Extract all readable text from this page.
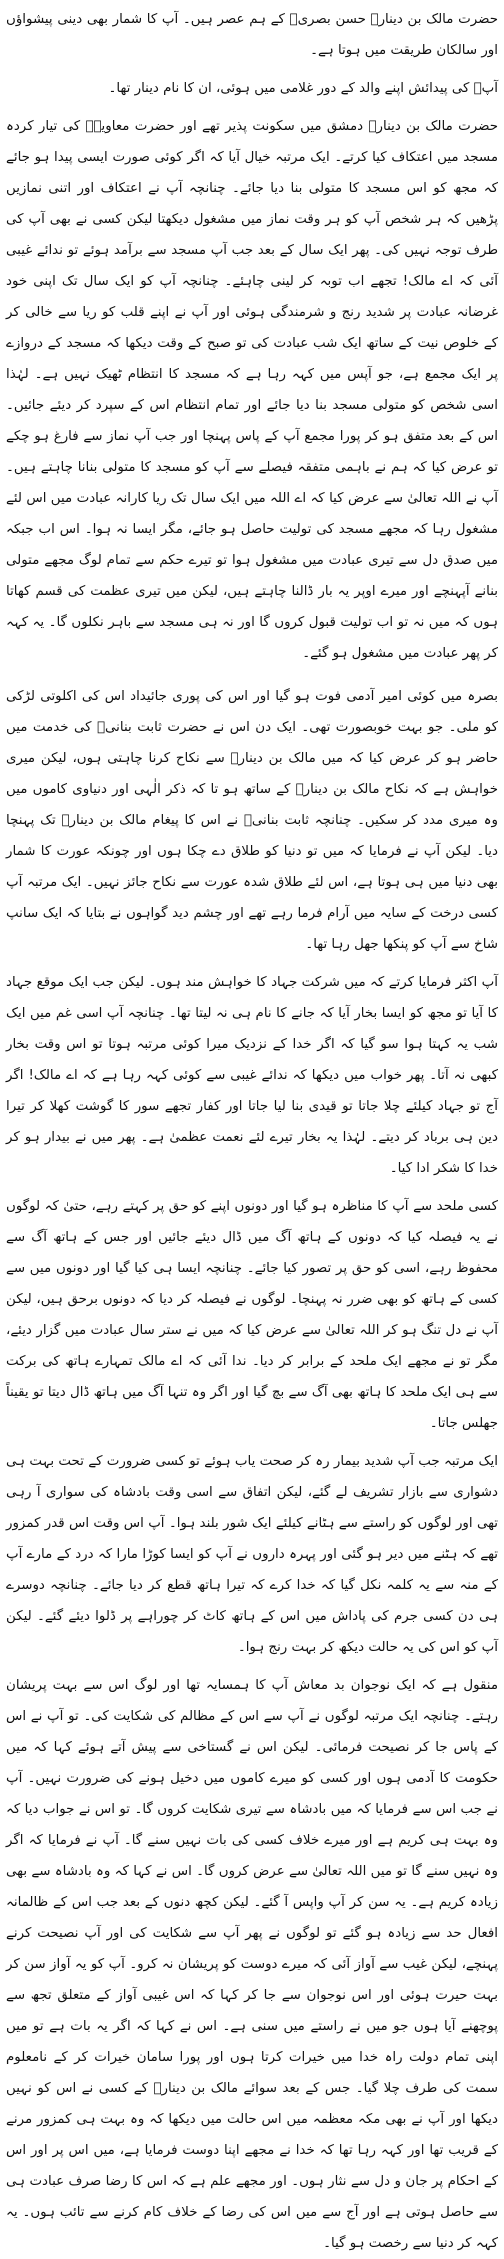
حضرت مالک بن دینارؒ حسن بصریؒ کے ہم عصر ہیں۔ آپ کا شمار بھی دینی پیشواؤں اور سالکان طریقت میں ہوتا ہے۔

آپؒ کی پیدائش اپنے والد کے دور غلامی میں ہوئی، ان کا نام دینار تھا۔

حضرت مالک بن دینارؒ دمشق میں سکونت پذیر تھے اور حضرت معاویہؓ کی تیار کردہ مسجد میں اعتکاف کیا کرتے۔ ایک مرتبہ خیال آیا کہ اگر کوئی صورت ایسی پیدا ہو جائے کہ مجھ کو اس مسجد کا متولی بنا دیا جائے۔ چنانچہ آپ نے اعتکاف اور اتنی نمازیں پڑھیں کہ ہر شخص آپ کو ہر وقت نماز میں مشغول دیکھتا لیکن کسی نے بھی آپ کی طرف توجہ نہیں کی۔ پھر ایک سال کے بعد جب آپ مسجد سے برآمد ہوئے تو ندائے غیبی آئی کہ اے مالک! تجھے اب توبہ کر لینی چاہئے۔ چنانچہ آپ کو ایک سال تک اپنی خود غرضانہ عبادت پر شدید رنج و شرمندگی ہوئی اور آپ نے اپنے قلب کو ریا سے خالی کر کے خلوص نیت کے ساتھ ایک شب عبادت کی تو صبح کے وقت دیکھا کہ مسجد کے دروازے پر ایک مجمع ہے، جو آپس میں کہہ رہا ہے کہ مسجد کا انتظام ٹھیک نہیں ہے۔ لہٰذا اسی شخص کو متولی مسجد بنا دیا جائے اور تمام انتظام اس کے سپرد کر دیئے جائیں۔ اس کے بعد متفق ہو کر پورا مجمع آپ کے پاس پہنچا اور جب آپ نماز سے فارغ ہو چکے تو عرض کیا کہ ہم نے باہمی متفقہ فیصلے سے آپ کو مسجد کا متولی بنانا چاہتے ہیں۔ آپ نے اللہ تعالیٰ سے عرض کیا کہ اے اللہ میں ایک سال تک ریا کارانہ عبادت میں اس لئے مشغول رہا کہ مجھے مسجد کی تولیت حاصل ہو جائے، مگر ایسا نہ ہوا۔ اس اب جبکہ میں صدق دل سے تیری عبادت میں مشغول ہوا تو تیرے حکم سے تمام لوگ مجھے متولی بنانے آپہنچے اور میرے اوپر یہ بار ڈالنا چاہتے ہیں، لیکن میں تیری عظمت کی قسم کھاتا ہوں کہ میں نہ تو اب تولیت قبول کروں گا اور نہ ہی مسجد سے باہر نکلوں گا۔ یہ کہہ کر پھر عبادت میں مشغول ہو گئے۔

بصرہ میں کوئی امیر آدمی فوت ہو گیا اور اس کی پوری جائیداد اس کی اکلوتی لڑکی کو ملی۔ جو بہت خوبصورت تھی۔ ایک دن اس نے حضرت ثابت بنانیؒ کی خدمت میں حاضر ہو کر عرض کیا کہ میں مالک بن دینارؒ سے نکاح کرنا چاہتی ہوں، لیکن میری خواہش ہے کہ نکاح مالک بن دینارؒ کے ساتھ ہو تا کہ ذکر الٰہی اور دنیاوی کاموں میں وہ میری مدد کر سکیں۔ چنانچہ ثابت بنانیؒ نے اس کا پیغام مالک بن دینارؒ تک پہنچا دیا۔ لیکن آپ نے فرمایا کہ میں تو دنیا کو طلاق دے چکا ہوں اور چونکہ عورت کا شمار بھی دنیا میں ہی ہوتا ہے، اس لئے طلاق شدہ عورت سے نکاح جائز نہیں۔ ایک مرتبہ آپ کسی درخت کے سایہ میں آرام فرما رہے تھے اور چشم دید گواہوں نے بتایا کہ ایک سانپ شاخ سے آپ کو پنکھا جھل رہا تھا۔

آپ اکثر فرمایا کرتے کہ میں شرکت جہاد کا خواہش مند ہوں۔ لیکن جب ایک موقع جہاد کا آیا تو مجھ کو ایسا بخار آیا کہ جانے کا نام ہی نہ لیتا تھا۔ چنانچہ آپ اسی غم میں ایک شب یہ کہتا ہوا سو گیا کہ اگر خدا کے نزدیک میرا کوئی مرتبہ ہوتا تو اس وقت بخار کبھی نہ آتا۔ پھر خواب میں دیکھا کہ ندائے غیبی سے کوئی کہہ رہا ہے کہ اے مالک! اگر آج تو جہاد کیلئے چلا جاتا تو قیدی بنا لیا جاتا اور کفار تجھے سور کا گوشت کھلا کر تیرا دین ہی برباد کر دیتے۔ لہٰذا یہ بخار تیرے لئے نعمت عظمیٰ ہے۔ پھر میں نے بیدار ہو کر خدا کا شکر ادا کیا۔

کسی ملحد سے آپ کا مناظرہ ہو گیا اور دونوں اپنے کو حق پر کہتے رہے، حتیٰ کہ لوگوں نے یہ فیصلہ کیا کہ دونوں کے ہاتھ آگ میں ڈال دیئے جائیں اور جس کے ہاتھ آگ سے محفوظ رہے، اسی کو حق پر تصور کیا جائے۔ چنانچہ ایسا ہی کیا گیا اور دونوں میں سے کسی کے ہاتھ کو بھی ضرر نہ پہنچا۔ لوگوں نے فیصلہ کر دیا کہ دونوں برحق ہیں، لیکن آپ نے دل تنگ ہو کر اللہ تعالیٰ سے عرض کیا کہ میں نے ستر سال عبادت میں گزار دیئے، مگر تو نے مجھے ایک ملحد کے برابر کر دیا۔ ندا آئی کہ اے مالک تمہارے ہاتھ کی برکت سے ہی ایک ملحد کا ہاتھ بھی آگ سے بچ گیا اور اگر وہ تنہا آگ میں ہاتھ ڈال دیتا تو یقیناً جھلس جاتا۔

ایک مرتبہ جب آپ شدید بیمار رہ کر صحت یاب ہوئے تو کسی ضرورت کے تحت بہت ہی دشواری سے بازار تشریف لے گئے، لیکن اتفاق سے اسی وقت بادشاہ کی سواری آ رہی تھی اور لوگوں کو راستے سے ہٹانے کیلئے ایک شور بلند ہوا۔ آپ اس وقت اس قدر کمزور تھے کہ ہٹنے میں دیر ہو گئی اور پہرہ داروں نے آپ کو ایسا کوڑا مارا کہ درد کے مارے آپ کے منہ سے یہ کلمہ نکل گیا کہ خدا کرے کہ تیرا ہاتھ قطع کر دیا جائے۔ چنانچہ دوسرے ہی دن کسی جرم کی پاداش میں اس کے ہاتھ کاٹ کر چوراہے پر ڈلوا دیئے گئے۔ لیکن آپ کو اس کی یہ حالت دیکھ کر بہت رنج ہوا۔

منقول ہے کہ ایک نوجوان بد معاش آپ کا ہمسایہ تھا اور لوگ اس سے بہت پریشان رہتے۔ چنانچہ ایک مرتبہ لوگوں نے آپ سے اس کے مظالم کی شکایت کی۔ تو آپ نے اس کے پاس جا کر نصیحت فرمائی۔ لیکن اس نے گستاخی سے پیش آتے ہوئے کہا کہ میں حکومت کا آدمی ہوں اور کسی کو میرے کاموں میں دخیل ہونے کی ضرورت نہیں۔ آپ نے جب اس سے فرمایا کہ میں بادشاہ سے تیری شکایت کروں گا۔ تو اس نے جواب دیا کہ وہ بہت ہی کریم ہے اور میرے خلاف کسی کی بات نہیں سنے گا۔ آپ نے فرمایا کہ اگر وہ نہیں سنے گا تو میں اللہ تعالیٰ سے عرض کروں گا۔ اس نے کہا کہ وہ بادشاہ سے بھی زیادہ کریم ہے۔ یہ سن کر آپ واپس آ گئے۔ لیکن کچھ دنوں کے بعد جب اس کے ظالمانہ افعال حد سے زیادہ ہو گئے تو لوگوں نے پھر آپ سے شکایت کی اور آپ نصیحت کرنے پہنچے، لیکن غیب سے آواز آئی کہ میرے دوست کو پریشان نہ کرو۔ آپ کو یہ آواز سن کر بہت حیرت ہوئی اور اس نوجوان سے جا کر کہا کہ اس غیبی آواز کے متعلق تجھ سے پوچھنے آیا ہوں جو میں نے راستے میں سنی ہے۔ اس نے کہا کہ اگر یہ بات ہے تو میں اپنی تمام دولت راہ خدا میں خیرات کرتا ہوں اور پورا سامان خیرات کر کے نامعلوم سمت کی طرف چلا گیا۔ جس کے بعد سوائے مالک بن دینارؒ کے کسی نے اس کو نہیں دیکھا اور آپ نے بھی مکہ معظمہ میں اس حالت میں دیکھا کہ وہ بہت ہی کمزور مرنے کے قریب تھا اور کہہ رہا تھا کہ خدا نے مجھے اپنا دوست فرمایا ہے، میں اس پر اور اس کے احکام پر جان و دل سے نثار ہوں۔ اور مجھے علم ہے کہ اس کا رضا صرف عبادت ہی سے حاصل ہوتی ہے اور آج سے میں اس کی رضا کے خلاف کام کرنے سے تائب ہوں۔ یہ کہہ کر دنیا سے رخصت ہو گیا۔
